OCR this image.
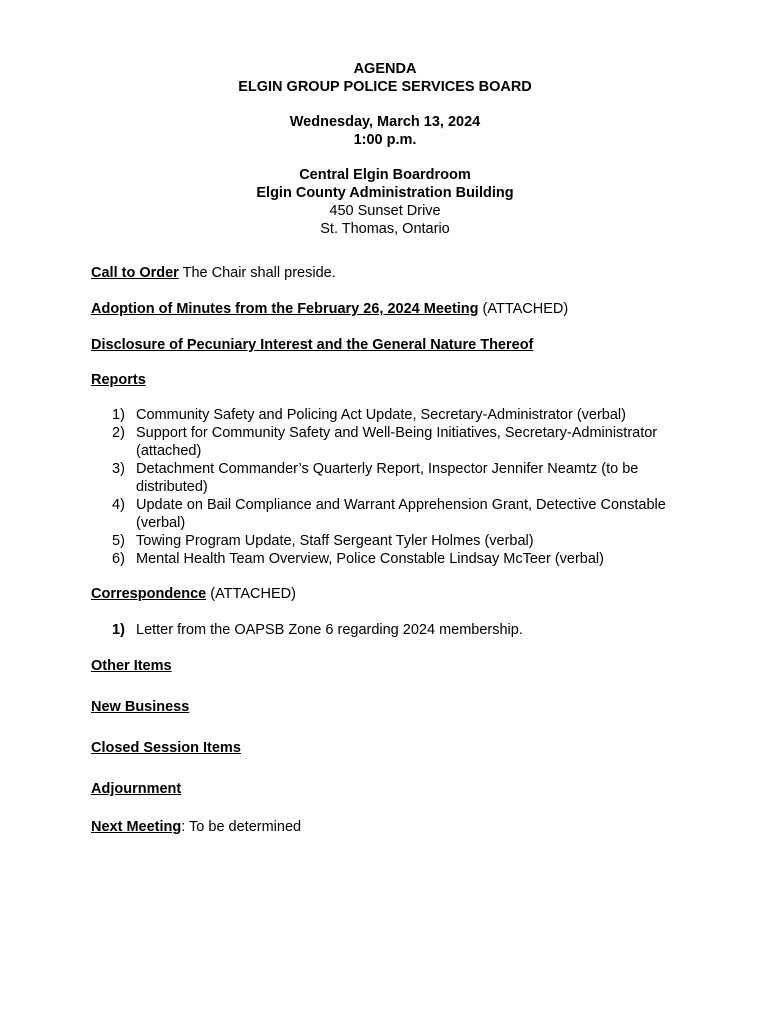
AGENDA
ELGIN GROUP POLICE SERVICES BOARD
Wednesday, March 13, 2024
1:00 p.m.
Central Elgin Boardroom
Elgin County Administration Building
450 Sunset Drive
St. Thomas, Ontario

Call to Order The Chair shall preside.

Adoption of Minutes from the February 26, 2024 Meeting (ATTACHED)

Disclosure of Pecuniary Interest and the General Nature Thereof

Reports

1) Community Safety and Policing Act Update, Secretary-Administrator (verbal)
2) Support for Community Safety and Well-Being Initiatives, Secretary-Administrator (attached)
3) Detachment Commander’s Quarterly Report, Inspector Jennifer Neamtz (to be distributed)
4) Update on Bail Compliance and Warrant Apprehension Grant, Detective Constable (verbal)
5) Towing Program Update, Staff Sergeant Tyler Holmes (verbal)
6) Mental Health Team Overview, Police Constable Lindsay McTeer (verbal)

Correspondence (ATTACHED)

1) Letter from the OAPSB Zone 6 regarding 2024 membership.

Other Items

New Business

Closed Session Items

Adjournment

Next Meeting: To be determined
